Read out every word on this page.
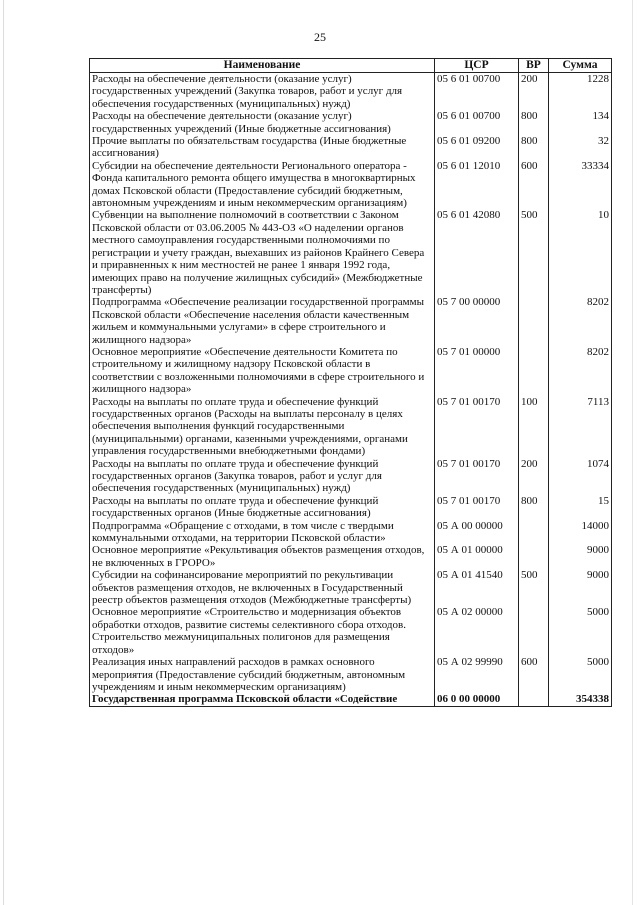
25
Наименование	ЦСР	ВР	Сумма
Расходы на обеспечение деятельности (оказание услуг) государственных учреждений (Закупка товаров, работ и услуг для обеспечения государственных (муниципальных) нужд)	05 6 01 00700	200	1228
Расходы на обеспечение деятельности (оказание услуг) государственных учреждений (Иные бюджетные ассигнования)	05 6 01 00700	800	134
Прочие выплаты по обязательствам государства (Иные бюджетные ассигнования)	05 6 01 09200	800	32
Субсидии на обеспечение деятельности Регионального оператора - Фонда капитального ремонта общего имущества в многоквартирных домах Псковской области (Предоставление субсидий бюджетным, автономным учреждениям и иным некоммерческим организациям)	05 6 01 12010	600	33334
Субвенции на выполнение полномочий в соответствии с Законом Псковской области от 03.06.2005 № 443-ОЗ «О наделении органов местного самоуправления государственными полномочиями по регистрации и учету граждан, выехавших из районов Крайнего Севера и приравненных к ним местностей не ранее 1 января 1992 года, имеющих право на получение жилищных субсидий» (Межбюджетные трансферты)	05 6 01 42080	500	10
Подпрограмма «Обеспечение реализации государственной программы Псковской области «Обеспечение населения области качественным жильем и коммунальными услугами» в сфере строительного и жилищного надзора»	05 7 00 00000		8202
Основное мероприятие «Обеспечение деятельности Комитета по строительному и жилищному надзору Псковской области в соответствии с возложенными полномочиями в сфере строительного и жилищного надзора»	05 7 01 00000		8202
Расходы на выплаты по оплате труда и обеспечение функций государственных органов (Расходы на выплаты персоналу в целях обеспечения выполнения функций государственными (муниципальными) органами, казенными учреждениями, органами управления государственными внебюджетными фондами)	05 7 01 00170	100	7113
Расходы на выплаты по оплате труда и обеспечение функций государственных органов (Закупка товаров, работ и услуг для обеспечения государственных (муниципальных) нужд)	05 7 01 00170	200	1074
Расходы на выплаты по оплате труда и обеспечение функций государственных органов (Иные бюджетные ассигнования)	05 7 01 00170	800	15
Подпрограмма «Обращение с отходами, в том числе с твердыми коммунальными отходами, на территории Псковской области»	05 А 00 00000		14000
Основное мероприятие «Рекультивация объектов размещения отходов, не включенных в ГРОРО»	05 А 01 00000		9000
Субсидии на софинансирование мероприятий по рекультивации объектов размещения отходов, не включенных в Государственный реестр объектов размещения отходов (Межбюджетные трансферты)	05 А 01 41540	500	9000
Основное мероприятие «Строительство и модернизация объектов обработки отходов, развитие системы селективного сбора отходов. Строительство межмуниципальных полигонов для размещения отходов»	05 А 02 00000		5000
Реализация иных направлений расходов в рамках основного мероприятия (Предоставление субсидий бюджетным, автономным учреждениям и иным некоммерческим организациям)	05 А 02 99990	600	5000
Государственная программа Псковской области «Содействие	06 0 00 00000		354338
